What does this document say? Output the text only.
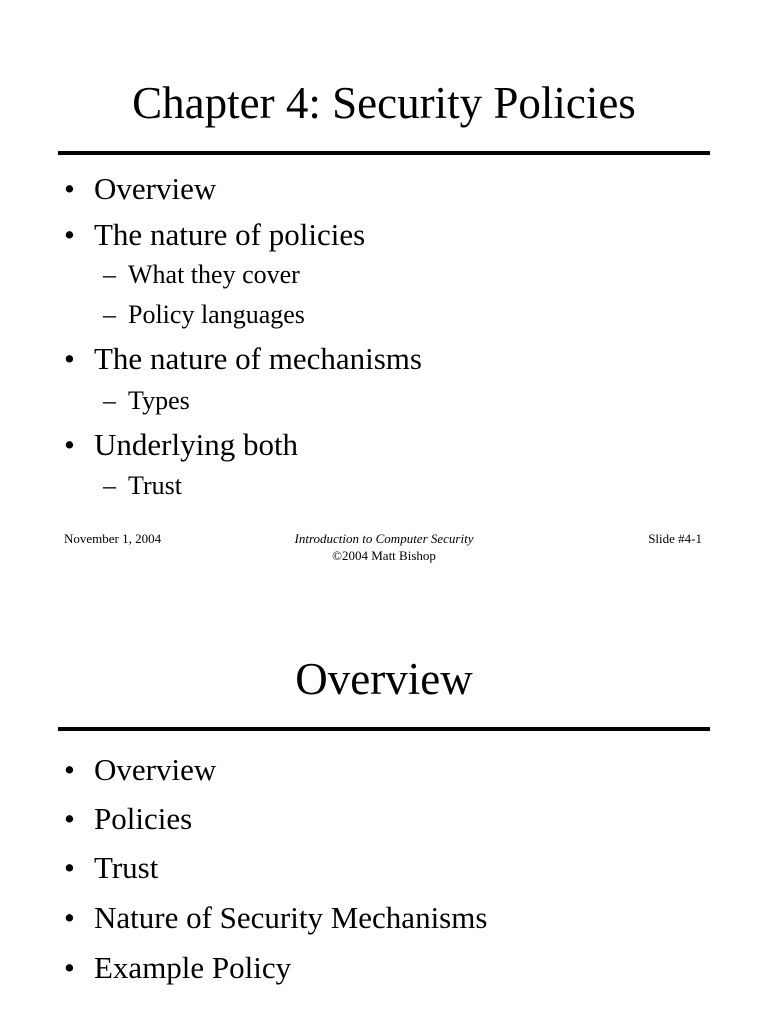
Chapter 4: Security Policies
• Overview
• The nature of policies
– What they cover
– Policy languages
• The nature of mechanisms
– Types
• Underlying both
– Trust
November 1, 2004	Introduction to Computer Security
©2004 Matt Bishop
Slide #4-1
Overview
• Overview
• Policies
• Trust
• Nature of Security Mechanisms
• Example Policy
